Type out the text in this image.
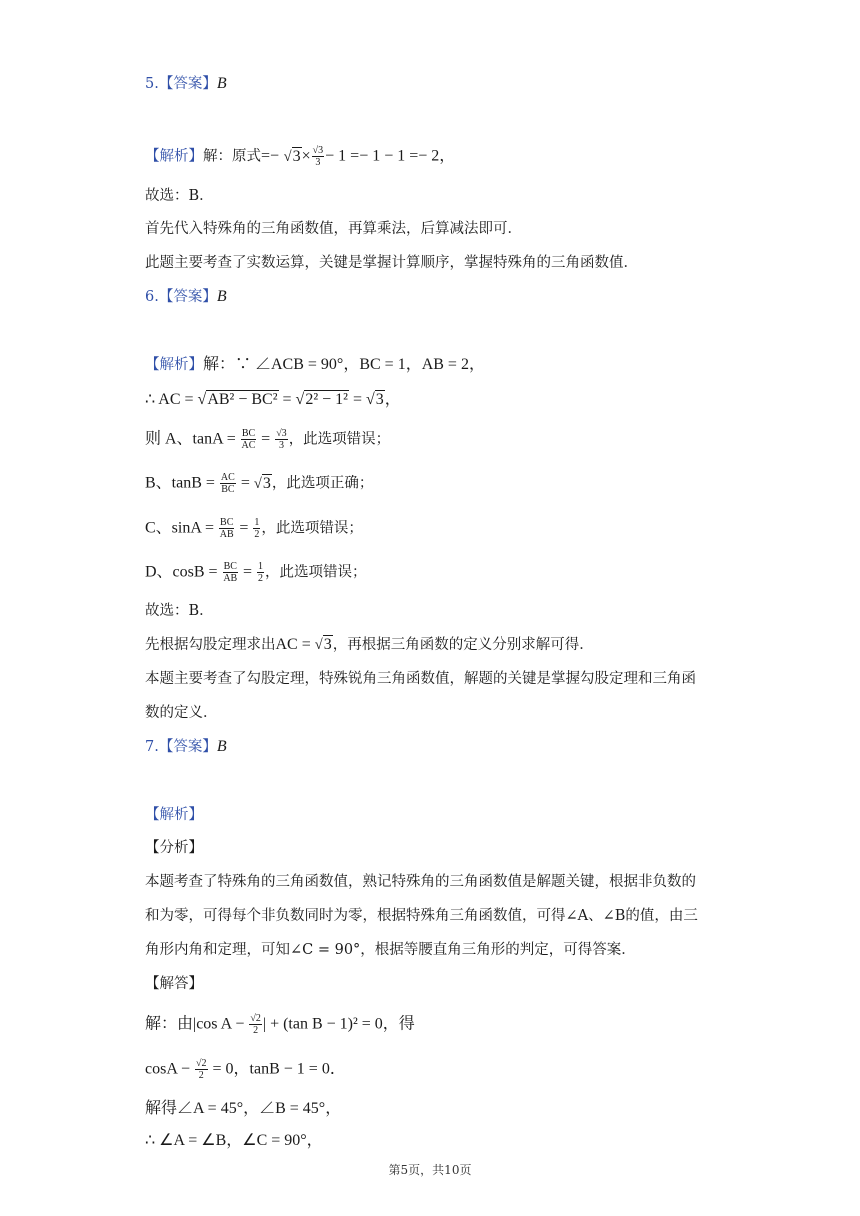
5.【答案】B
【解析】解：原式=− $√3\times \frac{√3}{3} - 1 =- 1 - 1 =- 2$，
故选：B．
首先代入特殊角的三角函数值，再算乘法，后算减法即可．
此题主要考查了实数运算，关键是掌握计算顺序，掌握特殊角的三角函数值．
6.【答案】B
【解析】解：∵ ∠ACB = 90°，BC = 1，AB = 2，
∴ AC = √AB² − BC² = √2² − 1² = √3，
则 A、$\tan A = \frac{BC}{AC} = \frac{√3}{3}$ ，此选项错误；
B、$\tan B = \frac{AC}{BC} = √3$，此选项正确；
C、$\sin A = \frac{BC}{AB} = \frac{1}{2}$ ，此选项错误；
D、$\cos B = \frac{BC}{AB} = \frac{1}{2}$ ，此选项错误；
故选：B．
先根据勾股定理求出AC = √3，再根据三角函数的定义分别求解可得．
本题主要考查了勾股定理，特殊锐角三角函数值，解题的关键是掌握勾股定理和三角函
数的定义．
7.【答案】B
【解析】
【分析】
本题考查了特殊角的三角函数值，熟记特殊角的三角函数值是解题关键，根据非负数的
和为零，可得每个非负数同时为零，根据特殊角三角函数值，可得∠A、∠B的值，由三
角形内角和定理，可知∠C = 90°，根据等腰直角三角形的判定，可得答案．
【解答】
解：由|cos $A - \frac{√2}{2}$ | + (tan B − 1)² = 0，得
$\cos A - \frac{√2}{2} = 0$，tanB − 1 = 0．
解得∠A = 45°，∠B = 45°，
∴ ∠A = ∠B，∠C = 90°，
第5页，共10页
